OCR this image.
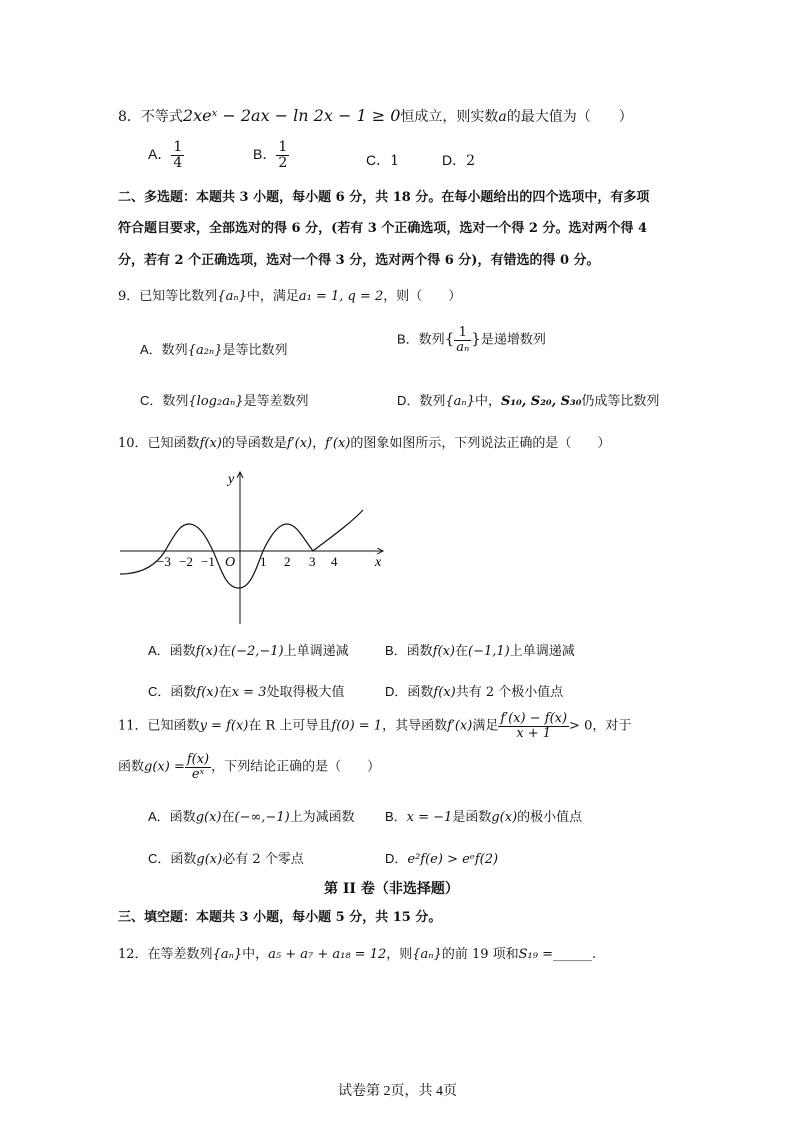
8．不等式2xeˣ − 2ax − ln 2x − 1 ≥ 0恒成立，则实数a的最大值为（　　）
A． $\frac{1}{4}$	B． $\frac{1}{2}$	C．1	D．2
二、多选题：本题共 3 小题，每小题 6 分，共 18 分。在每小题给出的四个选项中，有多项
符合题目要求，全部选对的得 6 分，(若有 3 个正确选项，选对一个得 2 分。选对两个得 4
分，若有 2 个正确选项，选对一个得 3 分，选对两个得 6 分)，有错选的得 0 分。
9．已知等比数列{aₙ}中，满足a₁ = 1, q = 2，则（　　）
A．数列{a₂ₙ}是等比数列
B．数列{ $\frac{1}{\text{aₙ}}$ }是递增数列
C．数列{log₂aₙ}是等差数列	D．数列{aₙ}中，S₁₀, S₂₀, S₃₀仍成等比数列
10．已知函数f(x)的导函数是f′(x)，f′(x)的图象如图所示，下列说法正确的是（　　）
y
x
O
−3 −2 −1	1 2 3 4
A．函数f(x)在(−2,−1)上单调递减	B．函数f(x)在(−1,1)上单调递减
C．函数f(x)在x = 3处取得极大值	D．函数f(x)共有 2 个极小值点
11．已知函数y = f(x)在 R 上可导且f(0) = 1，其导函数f′(x)满足 $\frac{f'(x) - f(x)}{x + 1} > 0$，对于
函数$g(x) = \frac{f(x)}{\text{eˣ}}$ ，下列结论正确的是（　　）
A．函数g(x)在(−∞,−1)上为减函数 B．x = −1是函数g(x)的极小值点
C．函数g(x)必有 2 个零点	D．e²f(e) > eᵉf(2)
第 II 卷（非选择题）
三、填空题：本题共 3 小题，每小题 5 分，共 15 分。
12．在等差数列{aₙ}中，a₅ + a₇ + a₁₈ = 12，则{aₙ}的前 19 项和S₁₉ =______.
试卷第 2页，共 4页
